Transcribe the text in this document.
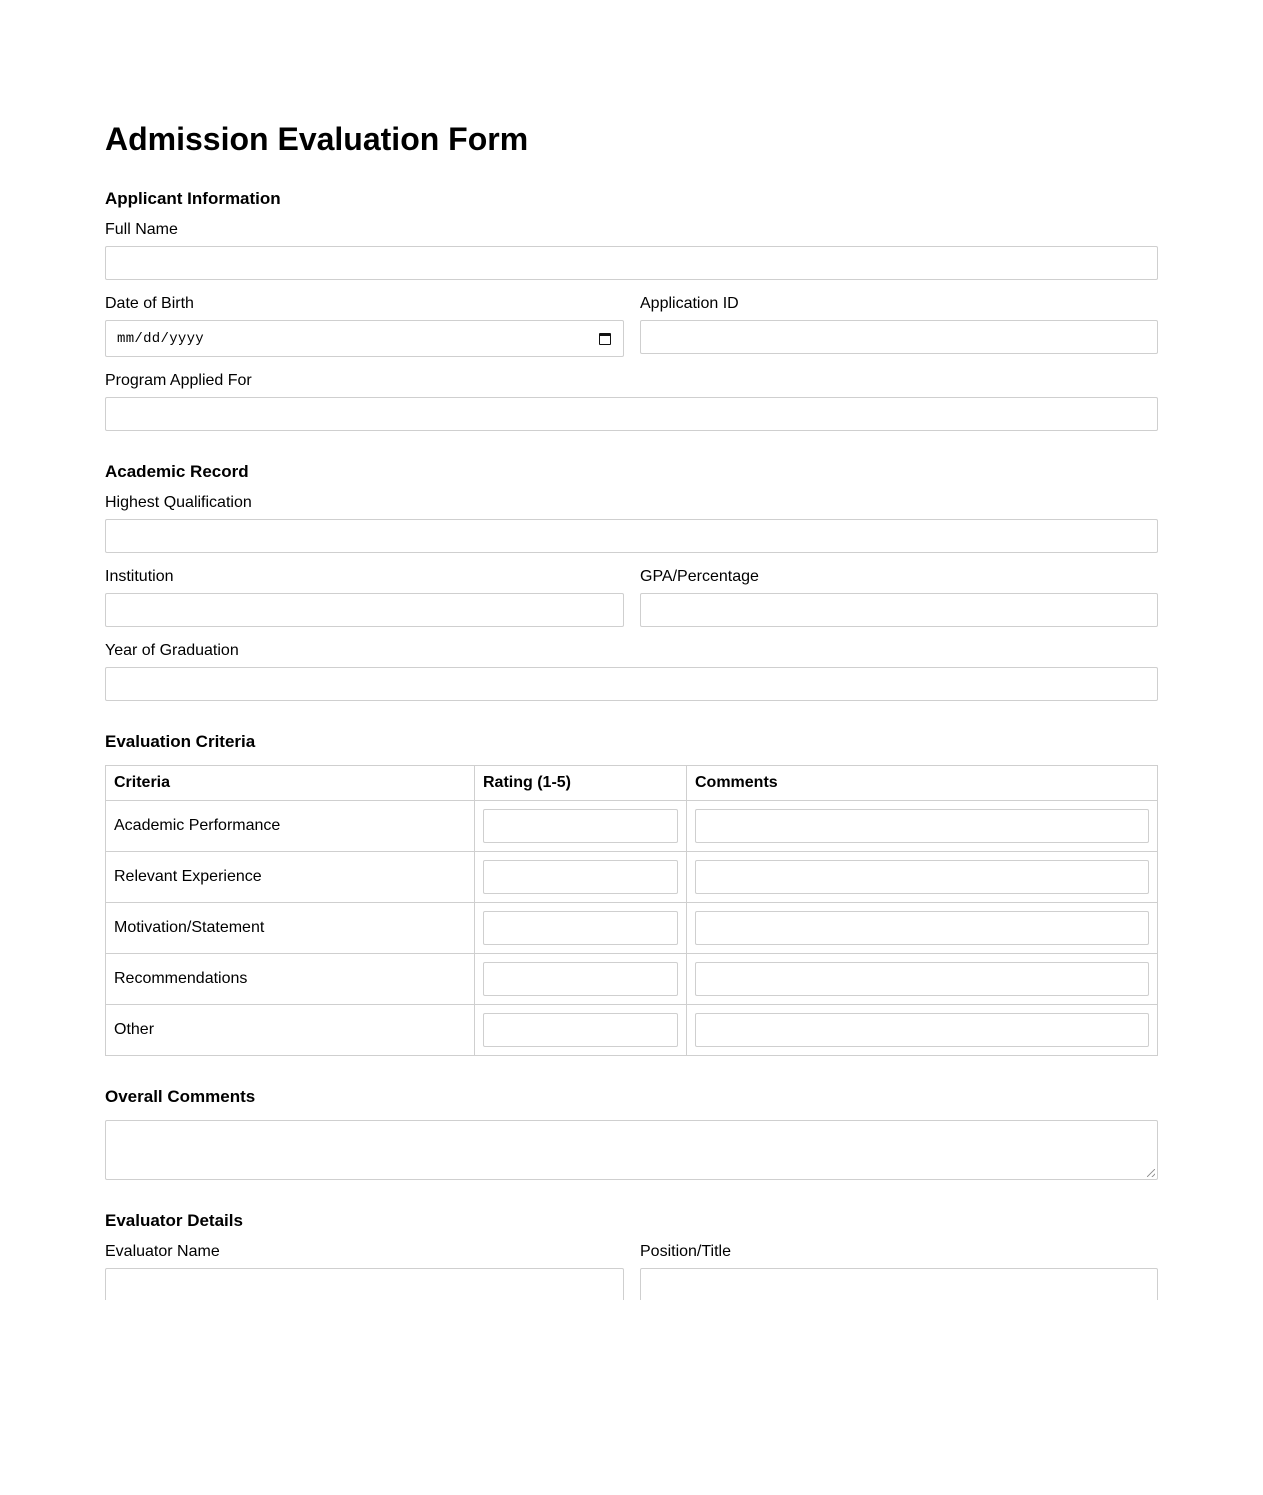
Admission Evaluation Form
Applicant Information
Full Name
Date of Birth
mm/dd/yyyy
Application ID
Program Applied For
Academic Record
Highest Qualification
Institution	GPA/Percentage
Year of Graduation
Evaluation Criteria
Criteria	Rating (1-5)	Comments
Academic Performance	

Relevant Experience	

Motivation/Statement	

Recommendations	

Other	

Overall Comments
Evaluator Details
Evaluator Name	Position/Title
